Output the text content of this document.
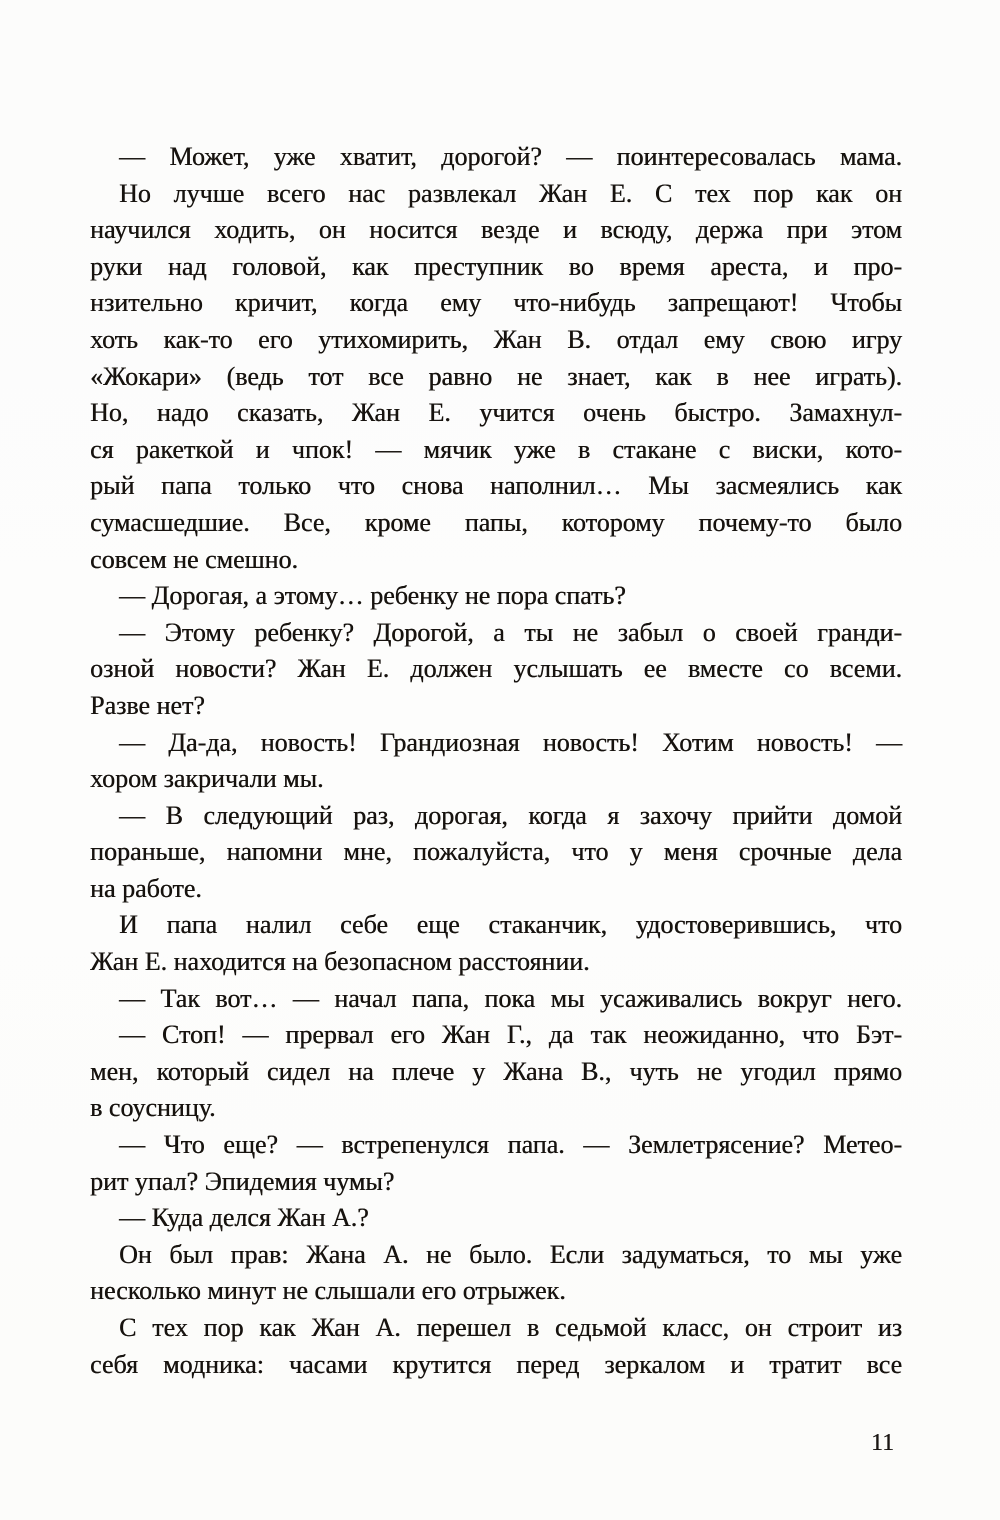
— Может, уже хватит, дорогой? — поинтересовалась мама.
Но лучше всего нас развлекал Жан Е. С тех пор как он
научился ходить, он носится везде и всюду, держа при этом
руки над головой, как преступник во время ареста, и про-
нзительно кричит, когда ему что-нибудь запрещают! Чтобы
хоть как-то его утихомирить, Жан В. отдал ему свою игру
«Жокари» (ведь тот все равно не знает, как в нее играть).
Но, надо сказать, Жан Е. учится очень быстро. Замахнул-
ся ракеткой и чпок! — мячик уже в стакане с виски, кото-
рый папа только что снова наполнил… Мы засмеялись как
сумасшедшие. Все, кроме папы, которому почему-то было
совсем не смешно.
— Дорогая, а этому… ребенку не пора спать?
— Этому ребенку? Дорогой, а ты не забыл о своей гранди-
озной новости? Жан Е. должен услышать ее вместе со всеми.
Разве нет?
— Да-да, новость! Грандиозная новость! Хотим новость! —
хором закричали мы.
— В следующий раз, дорогая, когда я захочу прийти домой
пораньше, напомни мне, пожалуйста, что у меня срочные дела
на работе.
И папа налил себе еще стаканчик, удостоверившись, что
Жан Е. находится на безопасном расстоянии.
— Так вот… — начал папа, пока мы усаживались вокруг него.
— Стоп! — прервал его Жан Г., да так неожиданно, что Бэт-
мен, который сидел на плече у Жана В., чуть не угодил прямо
в соусницу.
— Что еще? — встрепенулся папа. — Землетрясение? Метео-
рит упал? Эпидемия чумы?
— Куда делся Жан А.?
Он был прав: Жана А. не было. Если задуматься, то мы уже
несколько минут не слышали его отрыжек.
С тех пор как Жан А. перешел в седьмой класс, он строит из
себя модника: часами крутится перед зеркалом и тратит все
11
